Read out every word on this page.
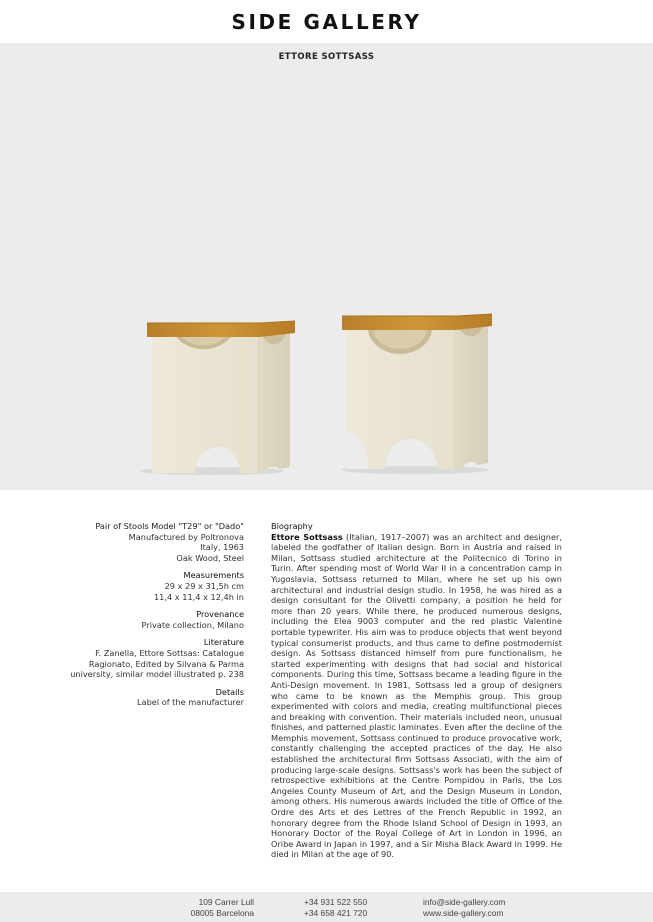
SIDE GALLERY
ETTORE SOTTSASS
Pair of Stools Model "T29" or "Dado"
Manufactured by Poltronova
Italy, 1963
Oak Wood, Steel
Measurements
29 x 29 x 31,5h cm
11,4 x 11,4 x 12,4h in
Provenance
Private collection, Milano
Literature
F. Zanella, Ettore Sottsas: Catalogue Ragionato, Edited by Silvana & Parma university, similar model illustrated p. 238
Details
Label of the manufacturer
Biography
Ettore Sottsass (Italian, 1917–2007) was an architect and designer, labeled the godfather of italian design. Born in Austria and raised in Milan, Sottsass studied architecture at the Politecnico di Torino in Turin. After spending most of World War II in a concentration camp in Yugoslavia, Sottsass returned to Milan, where he set up his own architectural and industrial design studio. In 1958, he was hired as a design consultant for the Olivetti company, a position he held for more than 20 years. While there, he produced numerous designs, including the Elea 9003 computer and the red plastic Valentine portable typewriter. His aim was to produce objects that went beyond typical consumerist products, and thus came to define postmodernist design. As Sottsass distanced himself from pure functionalism, he started experimenting with designs that had social and historical components. During this time, Sottsass became a leading figure in the Anti-Design movement. In 1981, Sottsass led a group of designers who came to be known as the Memphis group. This group experimented with colors and media, creating multifunctional pieces and breaking with convention. Their materials included neon, unusual finishes, and patterned plastic laminates. Even after the decline of the Memphis movement, Sottsass continued to produce provocative work, constantly challenging the accepted practices of the day. He also established the architectural firm Sottsass Associati, with the aim of producing large-scale designs. Sottsass's work has been the subject of retrospective exhibitions at the Centre Pompidou in Paris, the Los Angeles County Museum of Art, and the Design Museum in London, among others. His numerous awards included the title of Office of the Ordre des Arts et des Lettres of the French Republic in 1992, an honorary degree from the Rhode Island School of Design in 1993, an Honorary Doctor of the Royal College of Art in London in 1996, an Oribe Award in Japan in 1997, and a Sir Misha Black Award in 1999. He died in Milan at the age of 90.
109 Carrer Lull
08005 Barcelona
+34 931 522 550
+34 658 421 720
info@side-gallery.com
www.side-gallery.com
